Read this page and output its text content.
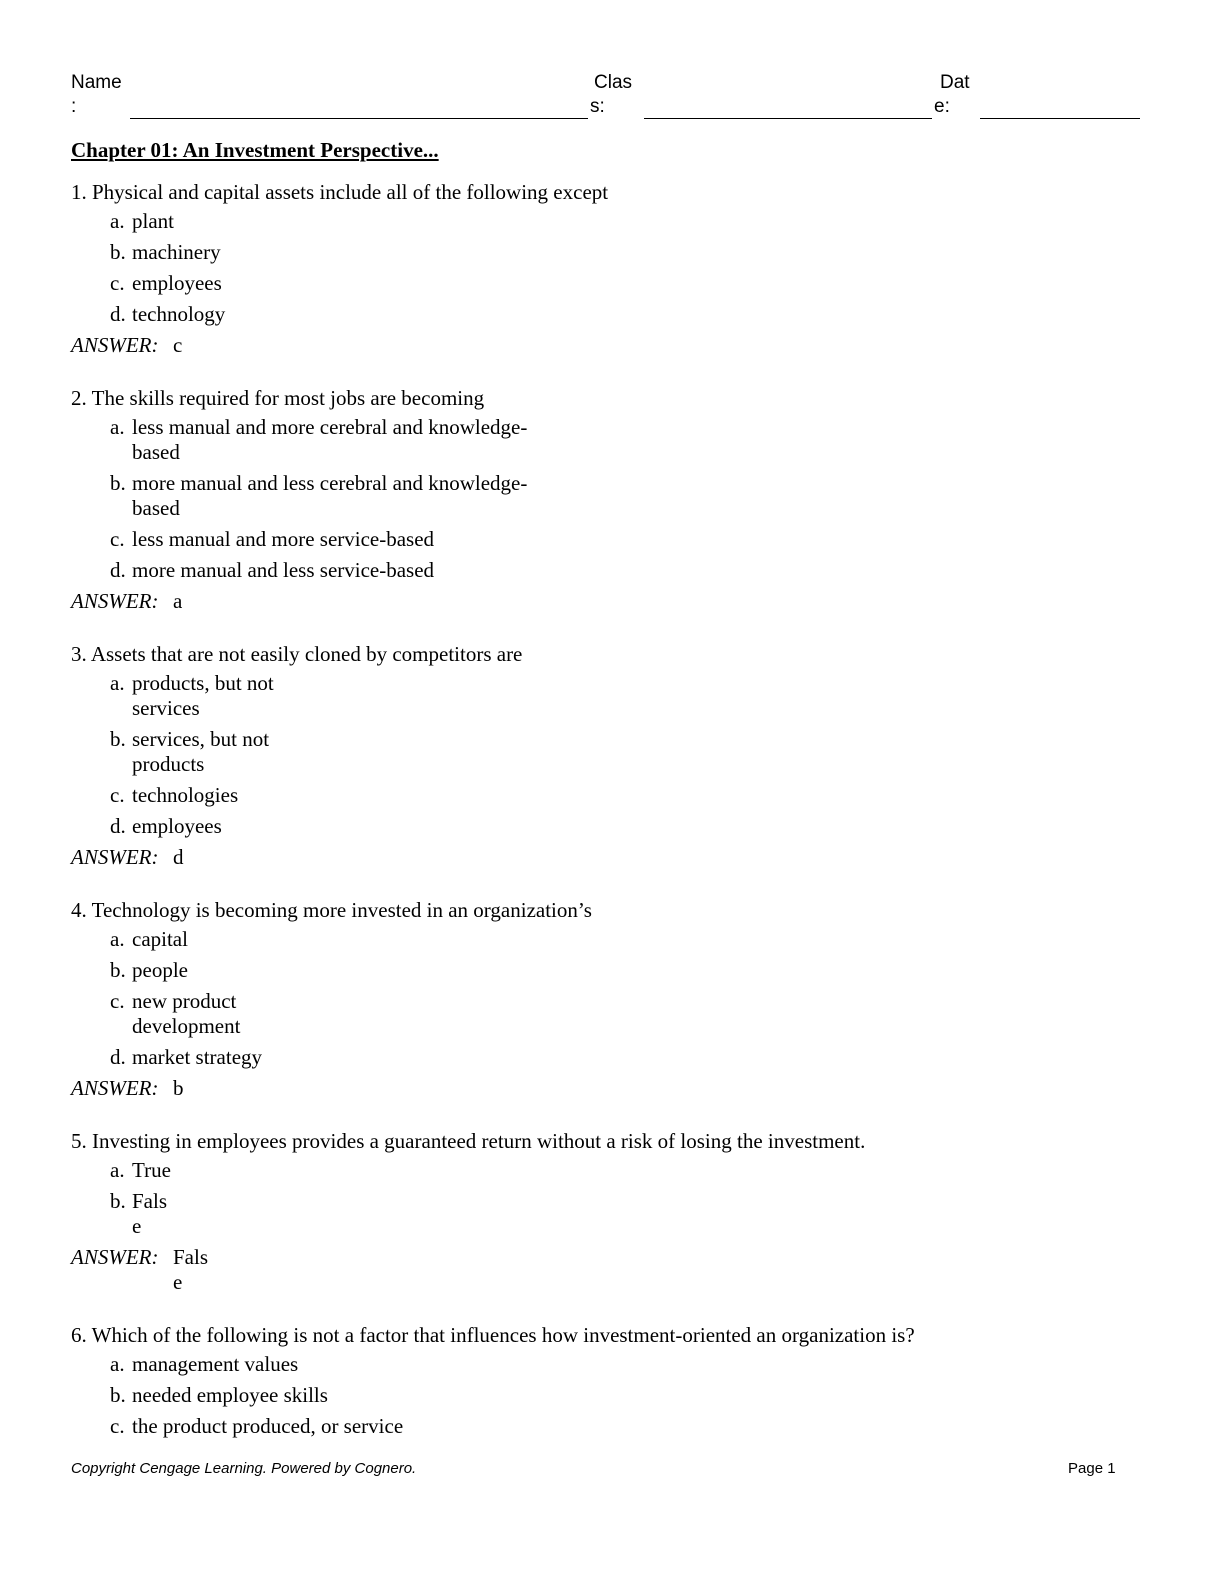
Name
:
Clas
s:
Dat
e:
Chapter 01: An Investment Perspective...
1. Physical and capital assets include all of the following except
a. plant
b. machinery
c. employees
d. technology
ANSWER: c
2. The skills required for most jobs are becoming
a. less manual and more cerebral and knowledge-
based
b. more manual and less cerebral and knowledge-
based
c. less manual and more service-based
d. more manual and less service-based
ANSWER: a
3. Assets that are not easily cloned by competitors are
a. products, but not
services
b. services, but not
products
c. technologies
d. employees
ANSWER: d
4. Technology is becoming more invested in an organization’s
a. capital
b. people
c. new product
development
d. market strategy
ANSWER: b
5. Investing in employees provides a guaranteed return without a risk of losing the investment.
a. True
b. Fals
e
ANSWER: Fals
e
6. Which of the following is not a factor that influences how investment-oriented an organization is?
a. management values
b. needed employee skills
c. the product produced, or service
Copyright Cengage Learning. Powered by Cognero.	Page 1
